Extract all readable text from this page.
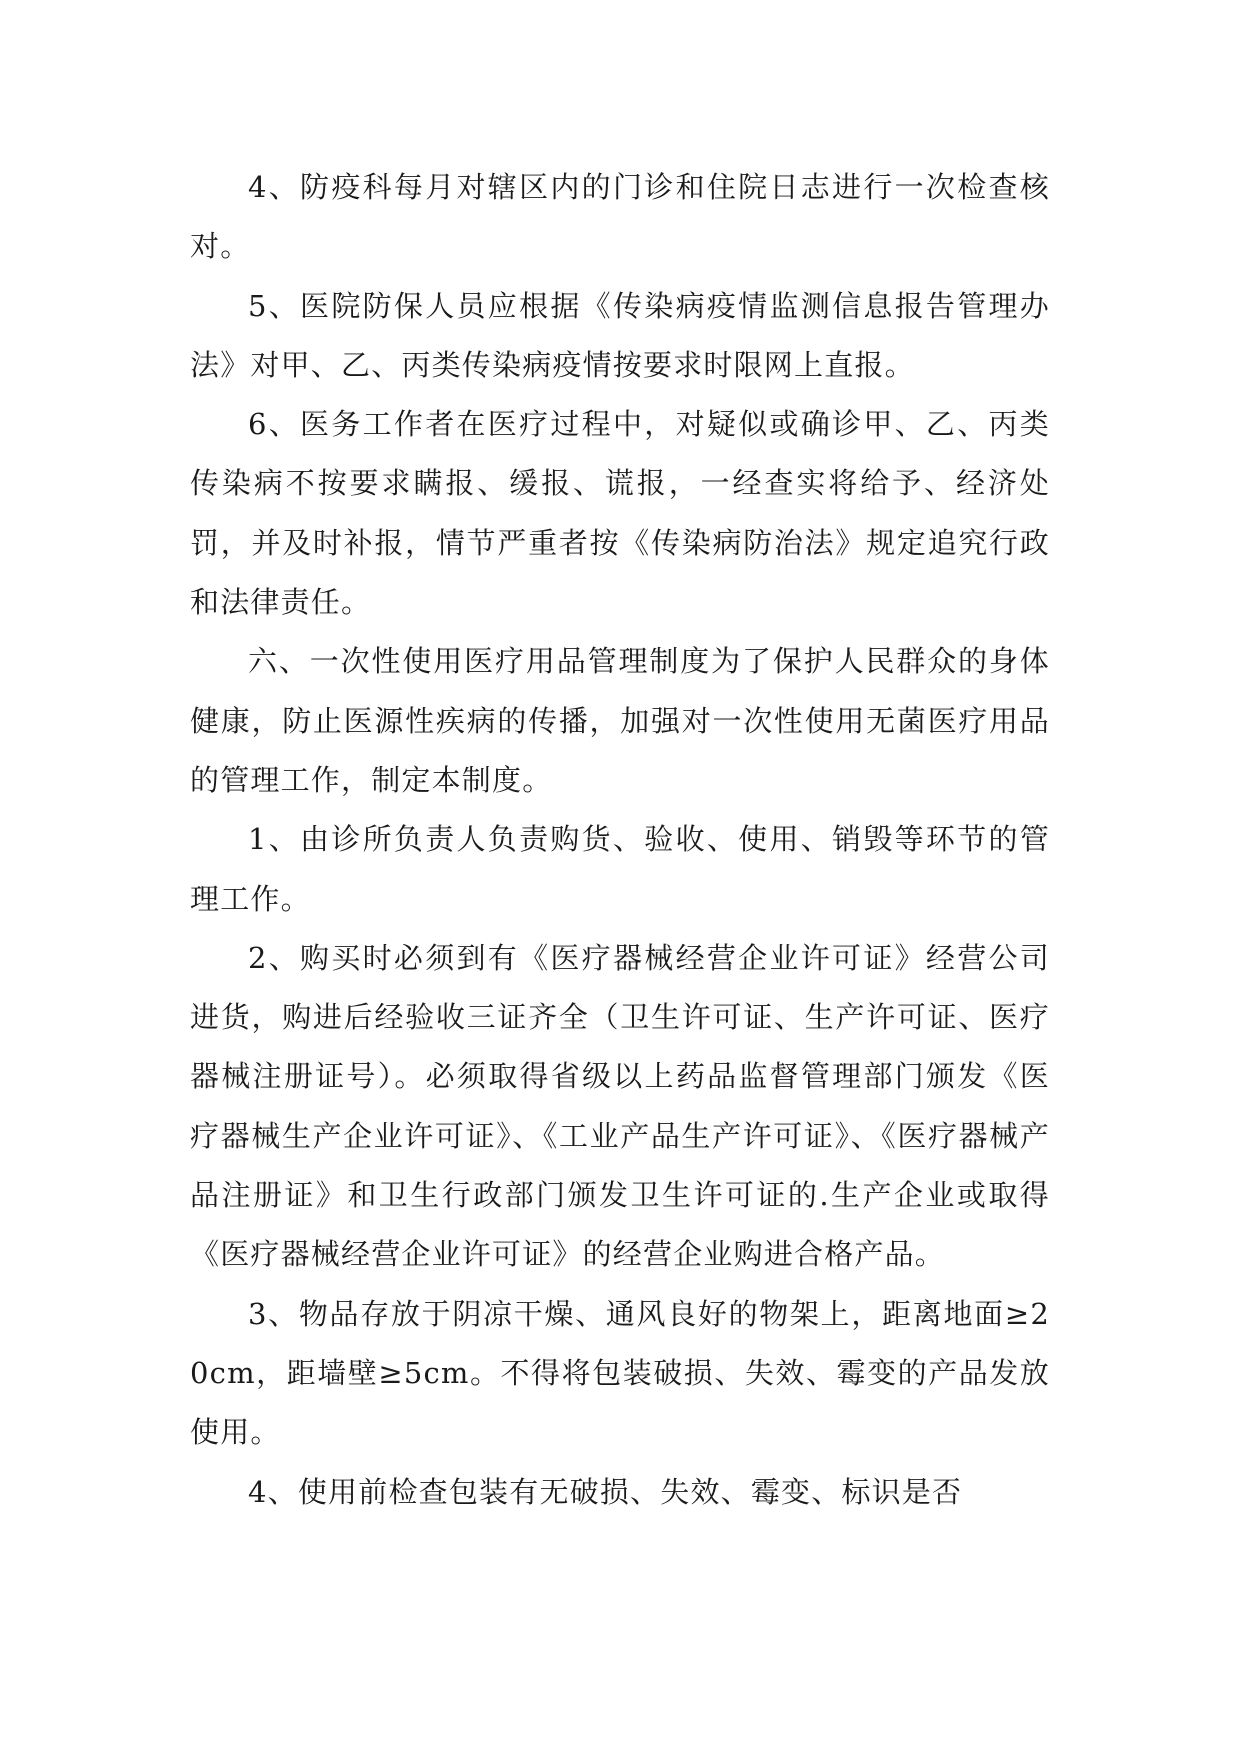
4、防疫科每月对辖区内的门诊和住院日志进行一次检查核对。

5、医院防保人员应根据《传染病疫情监测信息报告管理办法》对甲、乙、丙类传染病疫情按要求时限网上直报。

6、医务工作者在医疗过程中，对疑似或确诊甲、乙、丙类传染病不按要求瞒报、缓报、谎报，一经查实将给予、经济处罚，并及时补报，情节严重者按《传染病防治法》规定追究行政和法律责任。

六、一次性使用医疗用品管理制度为了保护人民群众的身体健康，防止医源性疾病的传播，加强对一次性使用无菌医疗用品的管理工作，制定本制度。

1、由诊所负责人负责购货、验收、使用、销毁等环节的管理工作。

2、购买时必须到有《医疗器械经营企业许可证》经营公司进货，购进后经验收三证齐全（卫生许可证、生产许可证、医疗器械注册证号）。必须取得省级以上药品监督管理部门颁发《医疗器械生产企业许可证》、《工业产品生产许可证》、《医疗器械产品注册证》和卫生行政部门颁发卫生许可证的.生产企业或取得《医疗器械经营企业许可证》的经营企业购进合格产品。

3、物品存放于阴凉干燥、通风良好的物架上，距离地面≥20cm，距墙壁≥5cm。不得将包装破损、失效、霉变的产品发放使用。

4、使用前检查包装有无破损、失效、霉变、标识是否
